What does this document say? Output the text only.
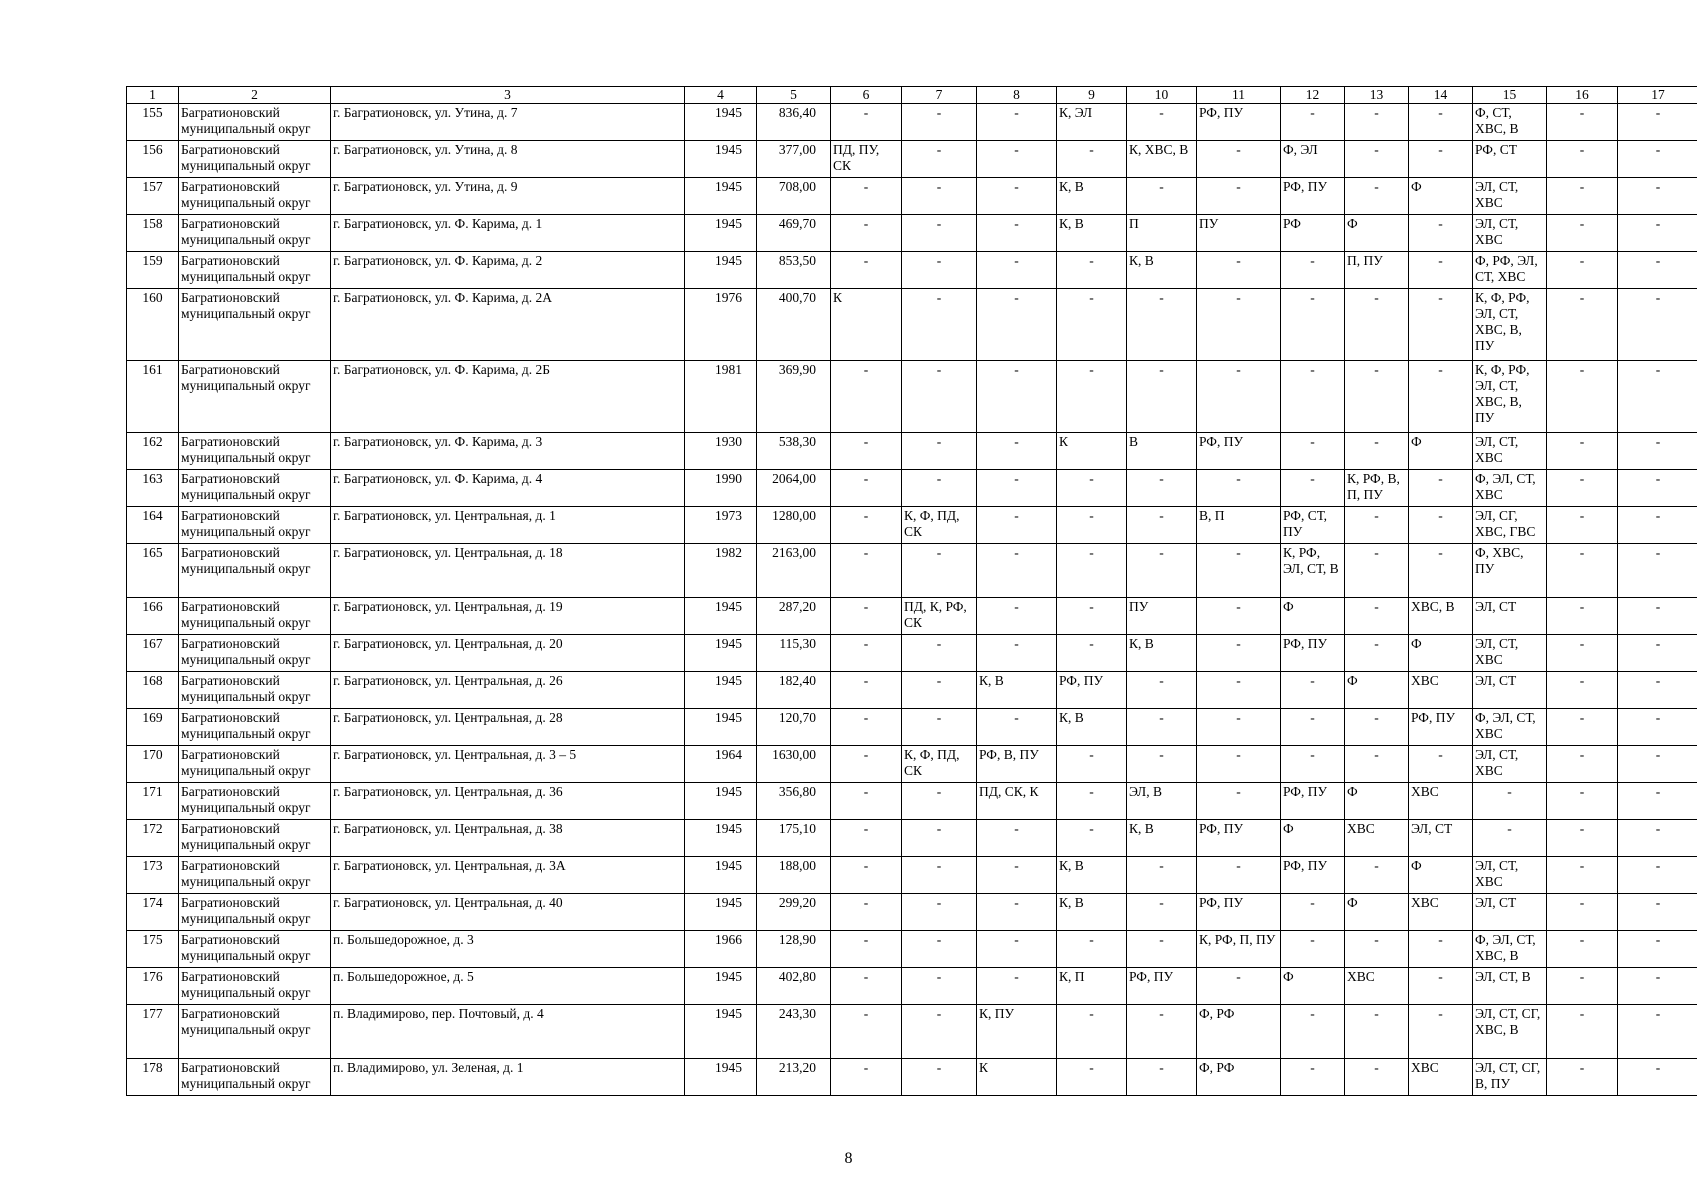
1	2	3	4	5	6	7	8	9	10	11	12	13	14	15	16	17
155	Багратионовский муниципальный округ	г. Багратионовск, ул. Утина, д. 7	1945	836,40	-	-	-	К, ЭЛ	-	РФ, ПУ	-	-	-	Ф, СТ, ХВС, В	-	-
156	Багратионовский муниципальный округ	г. Багратионовск, ул. Утина, д. 8	1945	377,00	ПД, ПУ, СК	-	-	-	К, ХВС, В	-	Ф, ЭЛ	-	-	РФ, СТ	-	-
157	Багратионовский муниципальный округ	г. Багратионовск, ул. Утина, д. 9	1945	708,00	-	-	-	К, В	-	-	РФ, ПУ	-	Ф	ЭЛ, СТ, ХВС	-	-
158	Багратионовский муниципальный округ	г. Багратионовск, ул. Ф. Карима, д. 1	1945	469,70	-	-	-	К, В	П	ПУ	РФ	Ф	-	ЭЛ, СТ, ХВС	-	-
159	Багратионовский муниципальный округ	г. Багратионовск, ул. Ф. Карима, д. 2	1945	853,50	-	-	-	-	К, В	-	-	П, ПУ	-	Ф, РФ, ЭЛ, СТ, ХВС	-	-
160	Багратионовский муниципальный округ	г. Багратионовск, ул. Ф. Карима, д. 2А	1976	400,70	К	-	-	-	-	-	-	-	-	К, Ф, РФ, ЭЛ, СТ, ХВС, В, ПУ	-	-
161	Багратионовский муниципальный округ	г. Багратионовск, ул. Ф. Карима, д. 2Б	1981	369,90	-	-	-	-	-	-	-	-	-	К, Ф, РФ, ЭЛ, СТ, ХВС, В, ПУ	-	-
162	Багратионовский муниципальный округ	г. Багратионовск, ул. Ф. Карима, д. 3	1930	538,30	-	-	-	К	В	РФ, ПУ	-	-	Ф	ЭЛ, СТ, ХВС	-	-
163	Багратионовский муниципальный округ	г. Багратионовск, ул. Ф. Карима, д. 4	1990	2064,00	-	-	-	-	-	-	-	К, РФ, В, П, ПУ	-	Ф, ЭЛ, СТ, ХВС	-	-
164	Багратионовский муниципальный округ	г. Багратионовск, ул. Центральная, д. 1	1973	1280,00	-	К, Ф, ПД, СК	-	-	-	В, П	РФ, СТ, ПУ	-	-	ЭЛ, СГ, ХВС, ГВС	-	-
165	Багратионовский муниципальный округ	г. Багратионовск, ул. Центральная, д. 18	1982	2163,00	-	-	-	-	-	-	К, РФ, ЭЛ, СТ, В	-	-	Ф, ХВС, ПУ	-	-
166	Багратионовский муниципальный округ	г. Багратионовск, ул. Центральная, д. 19	1945	287,20	-	ПД, К, РФ, СК	-	-	ПУ	-	Ф	-	ХВС, В	ЭЛ, СТ	-	-
167	Багратионовский муниципальный округ	г. Багратионовск, ул. Центральная, д. 20	1945	115,30	-	-	-	-	К, В	-	РФ, ПУ	-	Ф	ЭЛ, СТ, ХВС	-	-
168	Багратионовский муниципальный округ	г. Багратионовск, ул. Центральная, д. 26	1945	182,40	-	-	К, В	РФ, ПУ	-	-	-	Ф	ХВС	ЭЛ, СТ	-	-
169	Багратионовский муниципальный округ	г. Багратионовск, ул. Центральная, д. 28	1945	120,70	-	-	-	К, В	-	-	-	-	РФ, ПУ	Ф, ЭЛ, СТ, ХВС	-	-
170	Багратионовский муниципальный округ	г. Багратионовск, ул. Центральная, д. 3 – 5	1964	1630,00	-	К, Ф, ПД, СК	РФ, В, ПУ	-	-	-	-	-	-	ЭЛ, СТ, ХВС	-	-
171	Багратионовский муниципальный округ	г. Багратионовск, ул. Центральная, д. 36	1945	356,80	-	-	ПД, СК, К	-	ЭЛ, В	-	РФ, ПУ	Ф	ХВС	-	-	-
172	Багратионовский муниципальный округ	г. Багратионовск, ул. Центральная, д. 38	1945	175,10	-	-	-	-	К, В	РФ, ПУ	Ф	ХВС	ЭЛ, СТ	-	-	-
173	Багратионовский муниципальный округ	г. Багратионовск, ул. Центральная, д. 3А	1945	188,00	-	-	-	К, В	-	-	РФ, ПУ	-	Ф	ЭЛ, СТ, ХВС	-	-
174	Багратионовский муниципальный округ	г. Багратионовск, ул. Центральная, д. 40	1945	299,20	-	-	-	К, В	-	РФ, ПУ	-	Ф	ХВС	ЭЛ, СТ	-	-
175	Багратионовский муниципальный округ	п. Большедорожное, д. 3	1966	128,90	-	-	-	-	-	К, РФ, П, ПУ	-	-	-	Ф, ЭЛ, СТ, ХВС, В	-	-
176	Багратионовский муниципальный округ	п. Большедорожное, д. 5	1945	402,80	-	-	-	К, П	РФ, ПУ	-	Ф	ХВС	-	ЭЛ, СТ, В	-	-
177	Багратионовский муниципальный округ	п. Владимирово, пер. Почтовый, д. 4	1945	243,30	-	-	К, ПУ	-	-	Ф, РФ	-	-	-	ЭЛ, СТ, СГ, ХВС, В	-	-
178	Багратионовский муниципальный округ	п. Владимирово, ул. Зеленая, д. 1	1945	213,20	-	-	К	-	-	Ф, РФ	-	-	ХВС	ЭЛ, СТ, СГ, В, ПУ	-	-
8
